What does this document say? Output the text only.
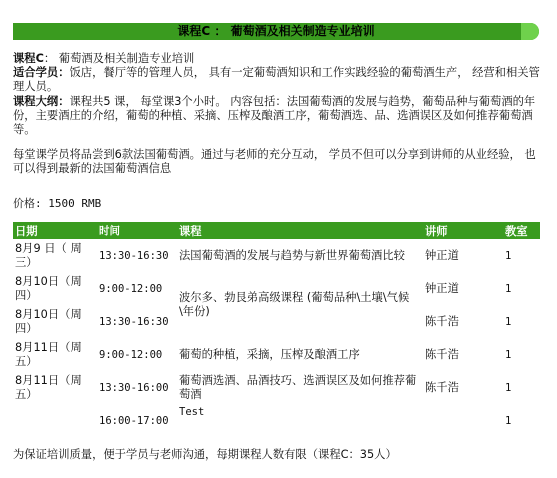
课程C ： 葡萄酒及相关制造专业培训

课程C： 葡萄酒及相关制造专业培训

适合学员：饭店，餐厅等的管理人员， 具有一定葡萄酒知识和工作实践经验的葡萄酒生产， 经营和相关管理人员。

课程大纲：课程共5 课， 每堂课3个小时。 内容包括：法国葡萄酒的发展与趋势，葡萄品种与葡萄酒的年份，主要酒庄的介绍，葡萄的种植、采摘、压榨及酿酒工序，葡萄酒选、品、选酒误区及如何推荐葡萄酒等。

每堂课学员将品尝到6款法国葡萄酒。通过与老师的充分互动， 学员不但可以分享到讲师的从业经验， 也可以得到最新的法国葡萄酒信息

价格: 1500 RMB
日期	时间	课程	讲师	教室
8月9 日（ 周三）	13:30-16:30	法国葡萄酒的发展与趋势与新世界葡萄酒比较	钟正道	1
8月10日（周四）	9:00-12:00	波尔多、勃艮弟高级课程 (葡萄品种\土壤\气候\年份)	钟正道	1
8月10日（周四）	13:30-16:30		陈千浩	1
8月11日（周五）	9:00-12:00	葡萄的种植，采摘，压榨及酿酒工序	陈千浩	1
8月11日（周五）	13:30-16:00	葡萄酒选酒、品酒技巧、选酒误区及如何推荐葡萄酒	陈千浩	1
	16:00-17:00	Test		1
为保证培训质量，便于学员与老师沟通，每期课程人数有限（课程C：35人）
